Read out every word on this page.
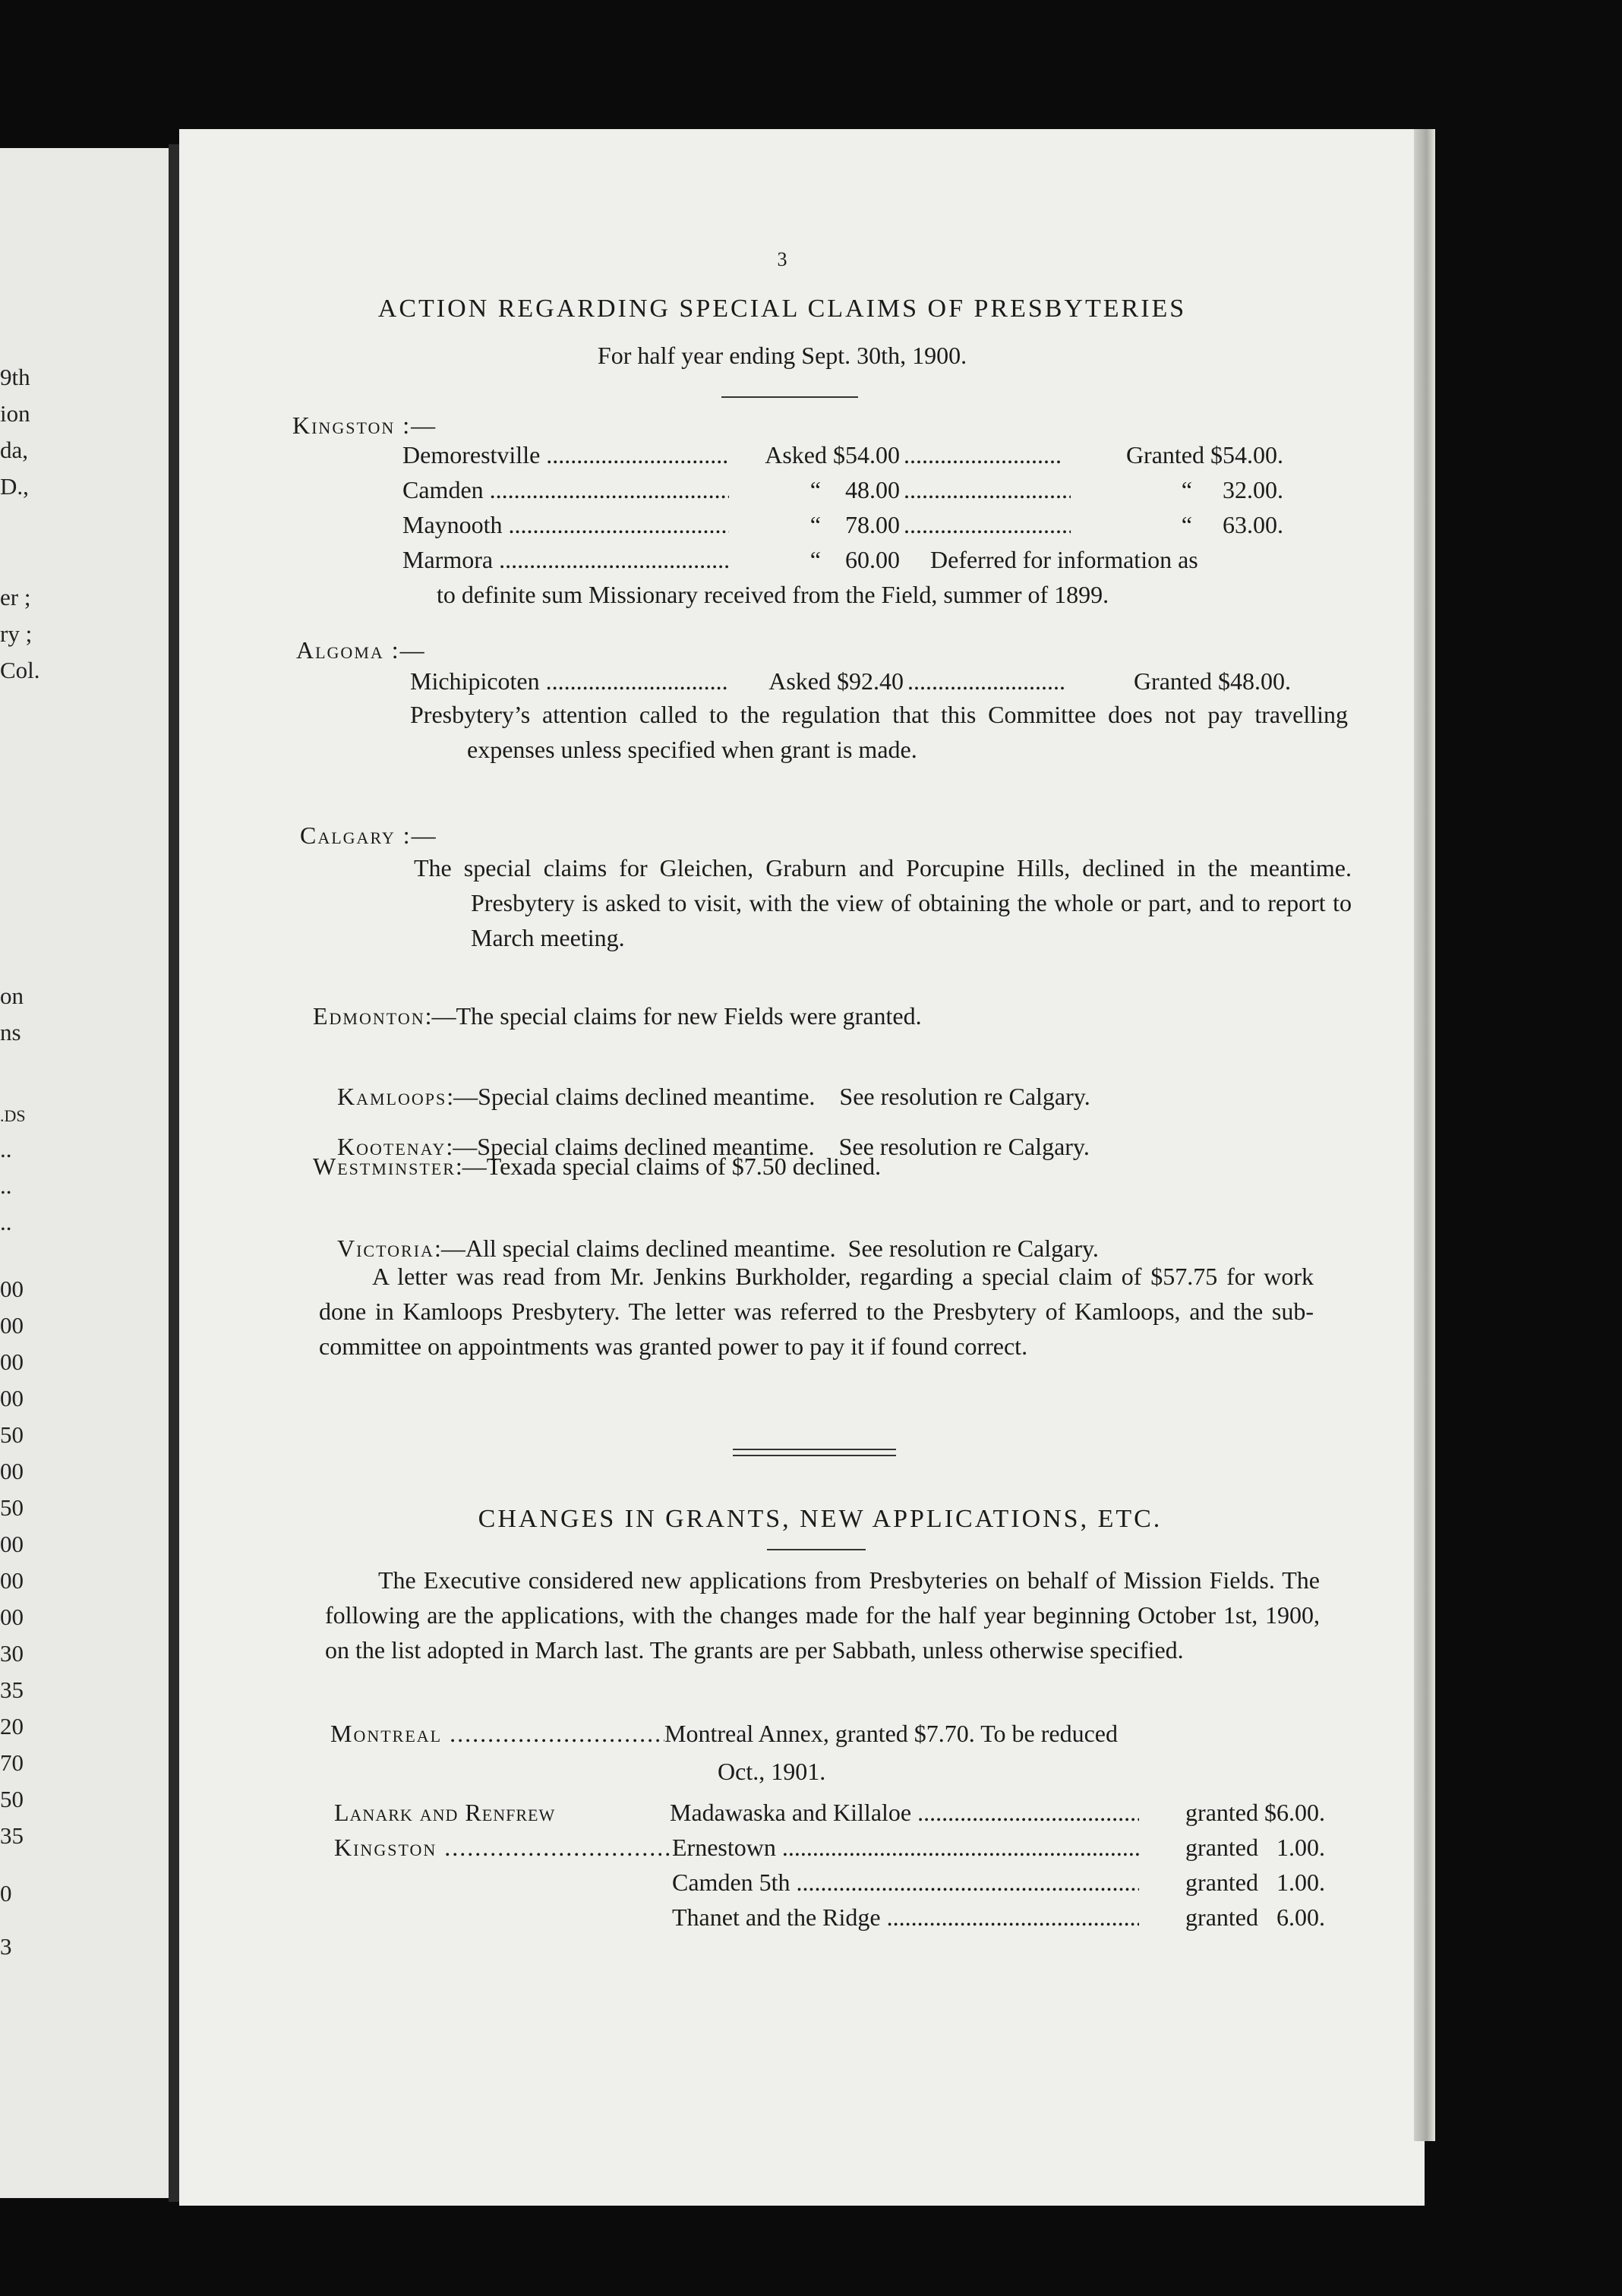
9th
ion
da,
D.,
er ;
ry ;
Col.
on
ns
.DS
..
..
..
00
00
00
00
50
00
50
00
00
00
30
35
20
70
50
35
0
3
3
ACTION REGARDING SPECIAL CLAIMS OF PRESBYTERIES
For half year ending Sept. 30th, 1900.
Kingston :—
Demorestville .....	Asked $54.00 .....	Granted $54.00.
Camden .....	“    48.00 .....	“     32.00.
Maynooth .....	“    78.00 .....	“     63.00.
Marmora .....	“    60.00 Deferred for information as
to definite sum Missionary received from the Field, summer of 1899.
Algoma :—
Michipicoten .....	Asked $92.40 .....	Granted $48.00.
Presbytery’s attention called to the regulation that this Committee does not pay travelling expenses unless specified when grant is made.
Calgary :—
The special claims for Gleichen, Graburn and Porcupine Hills, declined in the meantime. Presbytery is asked to visit, with the view of obtaining the whole or part, and to report to March meeting.
Edmonton:—The special claims for new Fields were granted.

Kamloops:—Special claims declined meantime.    See resolution re Calgary.

Kootenay:—Special claims declined meantime.    See resolution re Calgary.

Westminster:—Texada special claims of $7.50 declined.

Victoria:—All special claims declined meantime.  See resolution re Calgary.

A letter was read from Mr. Jenkins Burkholder, regarding a special claim of $57.75 for work done in Kamloops Presbytery. The letter was referred to the Presbytery of Kamloops, and the sub-committee on appointments was granted power to pay it if found correct.
CHANGES IN GRANTS, NEW APPLICATIONS, ETC.
The Executive considered new applications from Presbyteries on behalf of Mission Fields. The following are the applications, with the changes made for the half year beginning October 1st, 1900, on the list adopted in March last. The grants are per Sabbath, unless otherwise specified.
Montreal .....	Montreal Annex, granted $7.70. To be reduced
Oct., 1901.
Lanark and Renfrew	Madawaska and Killaloe .....	granted $6.00.
Kingston .....	Ernestown .....	granted   1.00.
Camden 5th .....	granted   1.00.
Thanet and the Ridge .....	granted   6.00.
